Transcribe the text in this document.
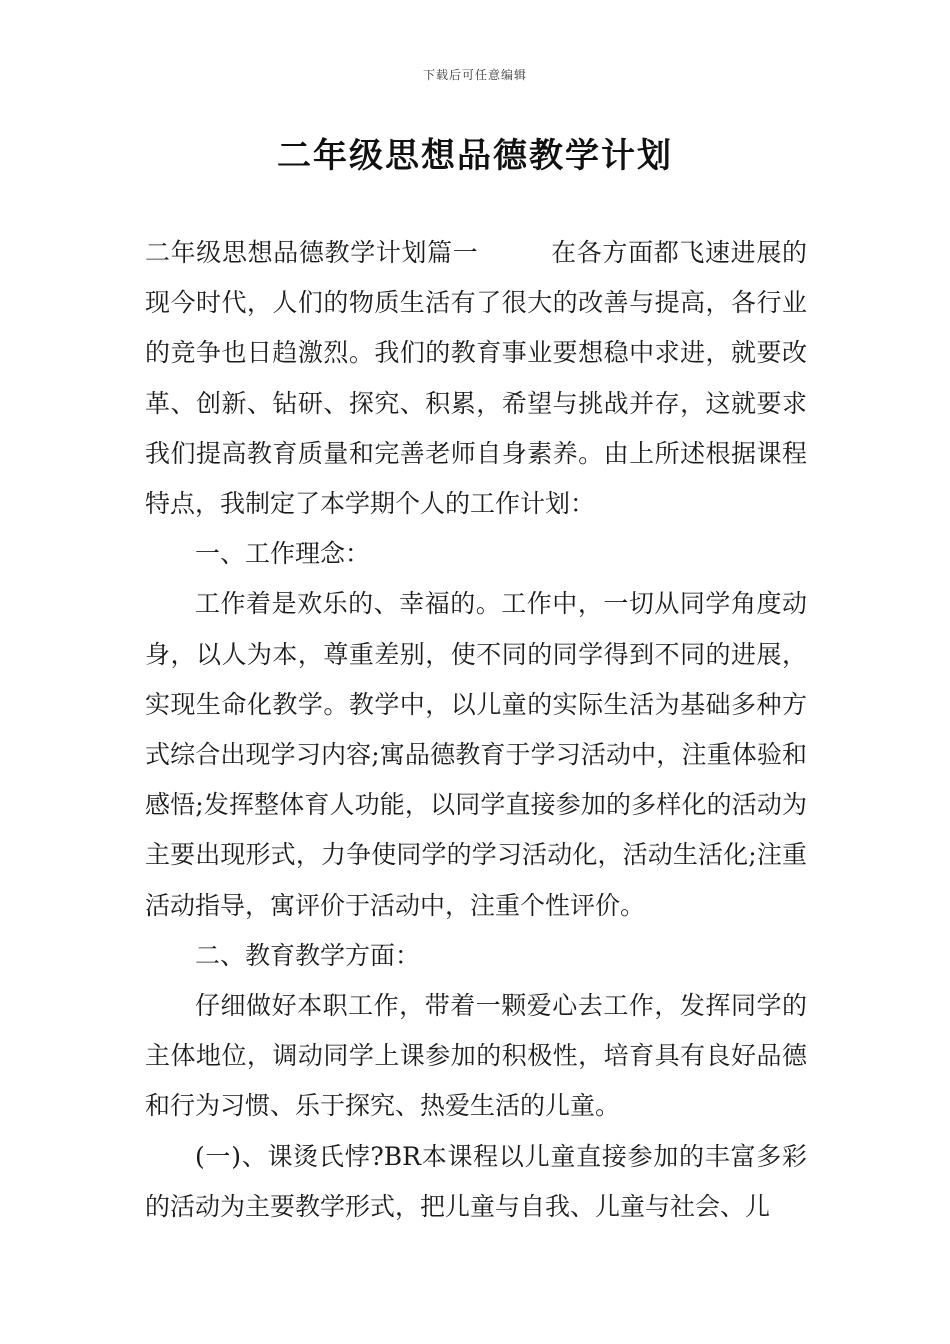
下载后可任意编辑
二年级思想品德教学计划

二年级思想品德教学计划篇一	在各方面都飞速进展的现今时代，人们的物质生活有了很大的改善与提高，各行业的竞争也日趋激烈。我们的教育事业要想稳中求进，就要改革、创新、钻研、探究、积累，希望与挑战并存，这就要求我们提高教育质量和完善老师自身素养。由上所述根据课程特点，我制定了本学期个人的工作计划：

一、工作理念：

工作着是欢乐的、幸福的。工作中，一切从同学角度动身，以人为本，尊重差别，使不同的同学得到不同的进展，实现生命化教学。教学中，以儿童的实际生活为基础多种方式综合出现学习内容;寓品德教育于学习活动中，注重体验和感悟;发挥整体育人功能，以同学直接参加的多样化的活动为主要出现形式，力争使同学的学习活动化，活动生活化;注重活动指导，寓评价于活动中，注重个性评价。

二、教育教学方面：

仔细做好本职工作，带着一颗爱心去工作，发挥同学的主体地位，调动同学上课参加的积极性，培育具有良好品德和行为习惯、乐于探究、热爱生活的儿童。

(一)、课烫氏悖?BR本课程以儿童直接参加的丰富多彩的活动为主要教学形式，把儿童与自我、儿童与社会、儿
